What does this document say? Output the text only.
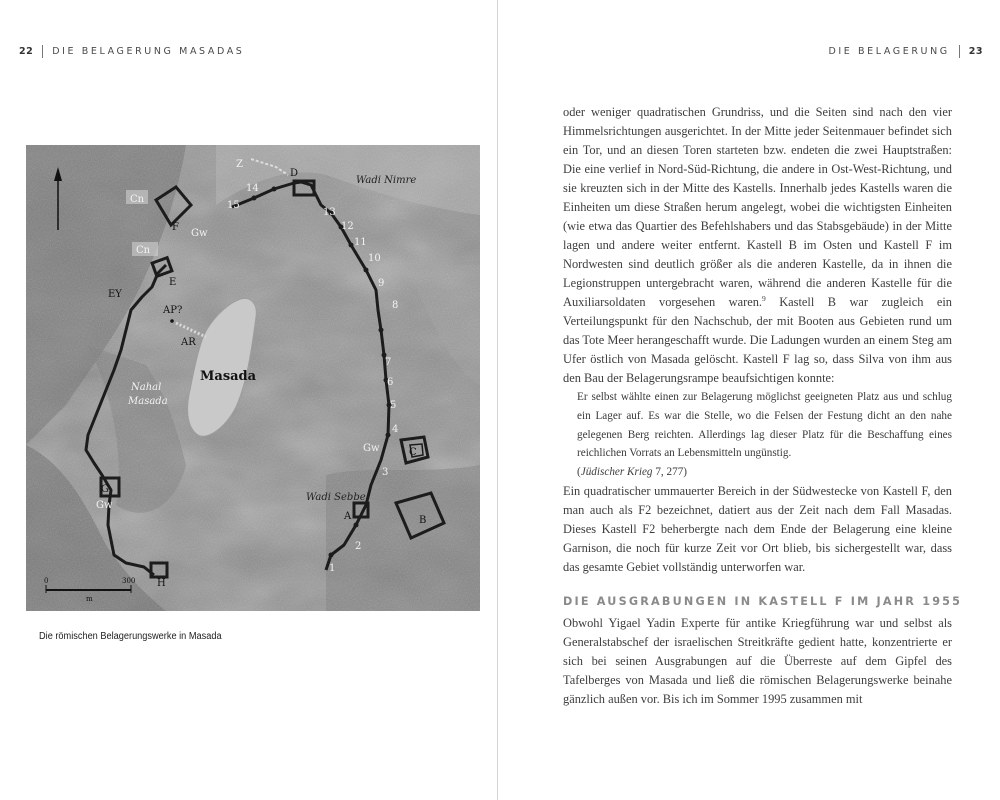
22 DIE BELAGERUNG MASADAS
Cn
Cn
F
Gw
E
EY
AP?
AR
Masada
Nahal
Masada
Z
D
Wadi Nimre
Wadi Sebbe
15
14
13
12
11
10
9
8
7
6
5
4
3
2
1
A	B
C
Gw
G
Gw
H
0	300
m
Die römischen Belagerungswerke in Masada
DIE BELAGERUNG 23
oder weniger quadratischen Grundriss, und die Seiten sind nach den vier Himmelsrichtungen ausgerichtet. In der Mitte jeder Seitenmauer befindet sich ein Tor, und an diesen Toren starteten bzw. endeten die zwei Hauptstraßen: Die eine verlief in Nord-Süd-Richtung, die andere in Ost-West-Richtung, und sie kreuzten sich in der Mitte des Kastells. Innerhalb jedes Kastells waren die Einheiten um diese Straßen herum angelegt, wobei die wichtigsten Einheiten (wie etwa das Quartier des Befehlshabers und das Stabsgebäude) in der Mitte lagen und andere weiter entfernt. Kastell B im Osten und Kastell F im Nordwesten sind deutlich größer als die anderen Kastelle, da in ihnen die Legionstruppen untergebracht waren, während die anderen Kastelle für die Auxiliarsoldaten vorgesehen waren.$^9$ Kastell B war zugleich ein Verteilungspunkt für den Nachschub, der mit Booten aus Gebieten rund um das Tote Meer herangeschafft wurde. Die Ladungen wurden an einem Steg am Ufer östlich von Masada gelöscht. Kastell F lag so, dass Silva von ihm aus den Bau der Belagerungsrampe beaufsichtigen konnte:
Er selbst wählte einen zur Belagerung möglichst geeigneten Platz aus und schlug ein Lager auf. Es war die Stelle, wo die Felsen der Festung dicht an den nahe gelegenen Berg reichten. Allerdings lag dieser Platz für die Beschaffung eines reichlichen Vorrats an Lebensmitteln ungünstig.
(Jüdischer Krieg 7, 277)
Ein quadratischer ummauerter Bereich in der Südwestecke von Kastell F, den man auch als F2 bezeichnet, datiert aus der Zeit nach dem Fall Masadas. Dieses Kastell F2 beherbergte nach dem Ende der Belagerung eine kleine Garnison, die noch für kurze Zeit vor Ort blieb, bis sichergestellt war, dass das gesamte Gebiet vollständig unterworfen war.
DIE AUSGRABUNGEN IN KASTELL F IM JAHR 1955
Obwohl Yigael Yadin Experte für antike Kriegführung war und selbst als Generalstabschef der israelischen Streitkräfte gedient hatte, konzentrierte er sich bei seinen Ausgrabungen auf die Überreste auf dem Gipfel des Tafelberges von Masada und ließ die römischen Belagerungswerke beinahe gänzlich außen vor. Bis ich im Sommer 1995 zusammen mit
